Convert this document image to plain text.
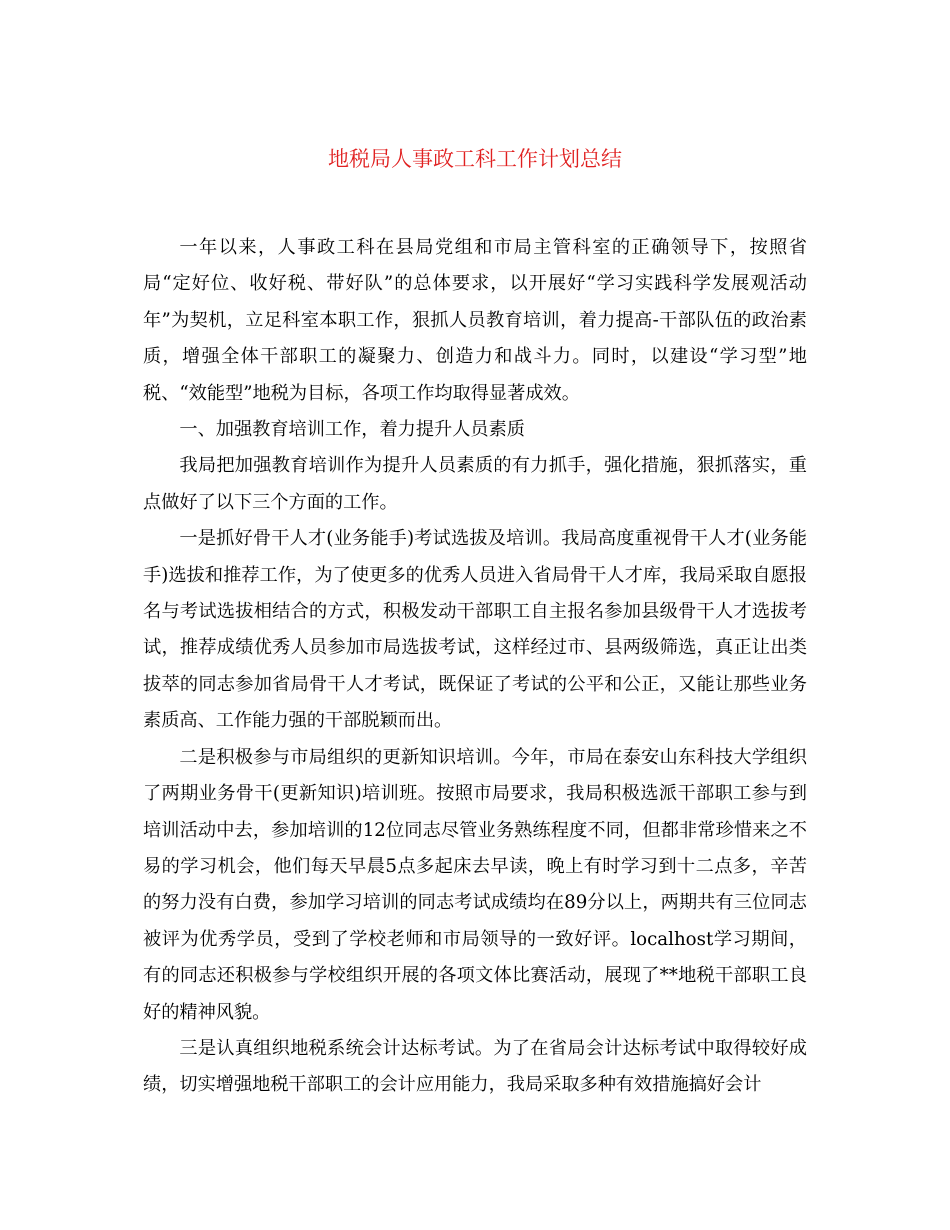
地税局人事政工科工作计划总结

一年以来，人事政工科在县局党组和市局主管科室的正确领导下，按照省局“定好位、收好税、带好队”的总体要求，以开展好“学习实践科学发展观活动年”为契机，立足科室本职工作，狠抓人员教育培训，着力提高-干部队伍的政治素质，增强全体干部职工的凝聚力、创造力和战斗力。同时，以建设“学习型”地税、“效能型”地税为目标，各项工作均取得显著成效。

一、加强教育培训工作，着力提升人员素质

我局把加强教育培训作为提升人员素质的有力抓手，强化措施，狠抓落实，重点做好了以下三个方面的工作。

一是抓好骨干人才(业务能手)考试选拔及培训。我局高度重视骨干人才(业务能手)选拔和推荐工作，为了使更多的优秀人员进入省局骨干人才库，我局采取自愿报名与考试选拔相结合的方式，积极发动干部职工自主报名参加县级骨干人才选拔考试，推荐成绩优秀人员参加市局选拔考试，这样经过市、县两级筛选，真正让出类拔萃的同志参加省局骨干人才考试，既保证了考试的公平和公正，又能让那些业务素质高、工作能力强的干部脱颖而出。

二是积极参与市局组织的更新知识培训。今年，市局在泰安山东科技大学组织了两期业务骨干(更新知识)培训班。按照市局要求，我局积极选派干部职工参与到培训活动中去，参加培训的12位同志尽管业务熟练程度不同，但都非常珍惜来之不易的学习机会，他们每天早晨5点多起床去早读，晚上有时学习到十二点多，辛苦的努力没有白费，参加学习培训的同志考试成绩均在89分以上，两期共有三位同志被评为优秀学员，受到了学校老师和市局领导的一致好评。localhost学习期间，有的同志还积极参与学校组织开展的各项文体比赛活动，展现了**地税干部职工良好的精神风貌。

三是认真组织地税系统会计达标考试。为了在省局会计达标考试中取得较好成绩，切实增强地税干部职工的会计应用能力，我局采取多种有效措施搞好会计
